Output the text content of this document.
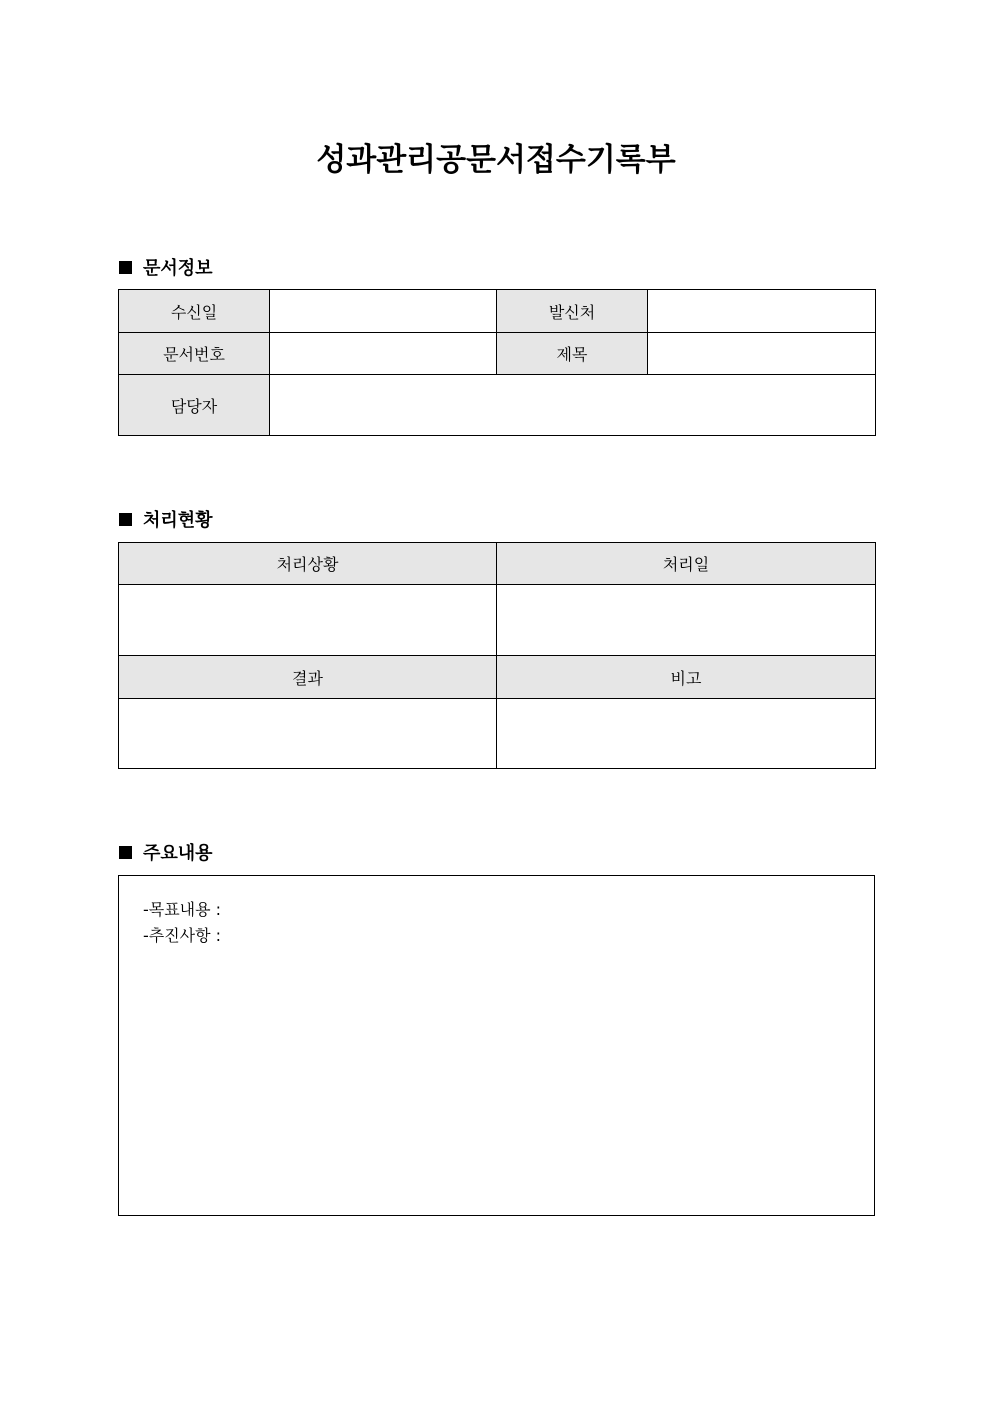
성과관리공문서접수기록부
문서정보
수신일		발신처	
문서번호		제목	
담당자			
처리현황
처리상황	처리일

결과	비고

주요내용
-목표내용 :
-추진사항 :
